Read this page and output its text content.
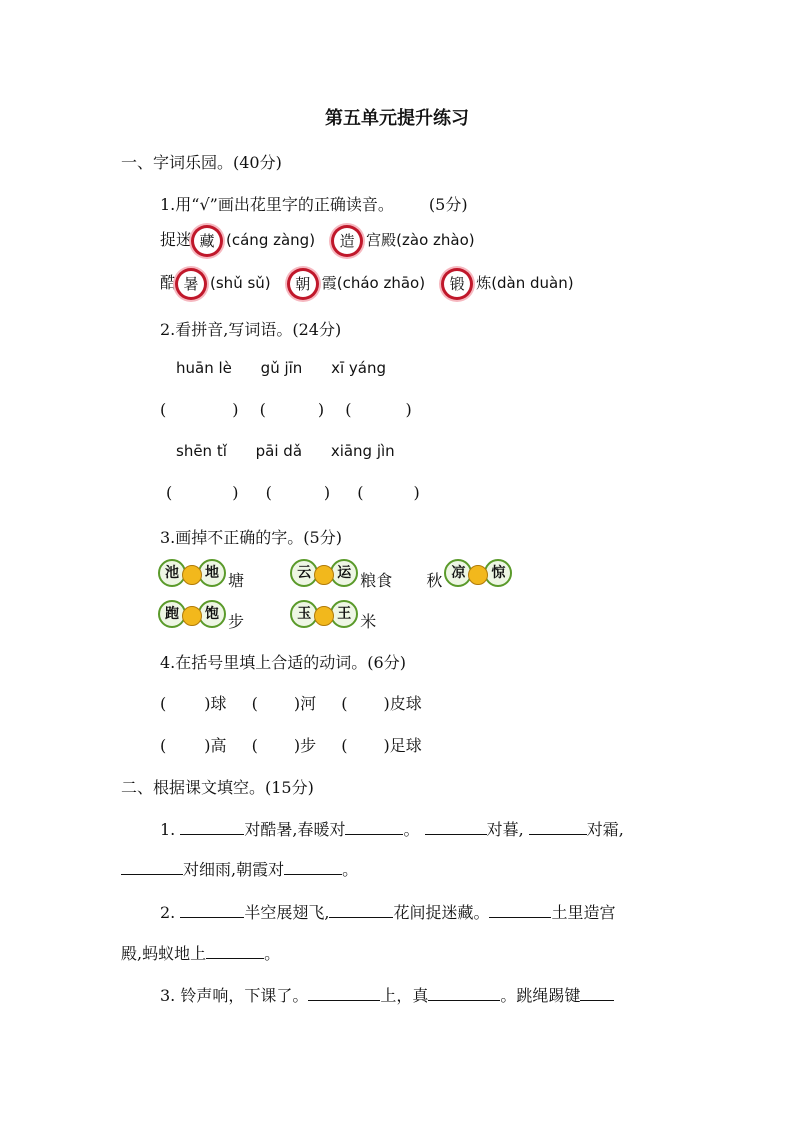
第五单元提升练习
一、字词乐园。(40分)
1.用“√”画出花里字的正确读音。 (5分)
捉迷 藏 (cáng zàng) 造 宫殿(zào zhào)
酷 暑 (shǔ sǔ) 朝 霞(cháo zhāo) 锻 炼(dàn duàn)
2.看拼音,写词语。(24分)
huān lè gǔ jīn xī yáng
(	) (	) (	)
shēn tǐ pāi dǎ xiāng jìn
(	) (	) (	)
3.画掉不正确的字。(5分)
池 地 塘	云 运 粮食 秋 凉 惊
跑 饱 步	玉 王 米
4.在括号里填上合适的动词。(6分)
( )球 ( )河 ( )皮球
( )高 ( )步 ( )足球
二、根据课文填空。(15分)
1.	对酷暑,春暖对	。	对暮,	对霜,
对细雨,朝霞对	。
2.	半空展翅飞,	花间捉迷藏。	土里造宫
殿,蚂蚁地上	。
3. 铃声响，下课了。	上，真	。跳绳踢键
